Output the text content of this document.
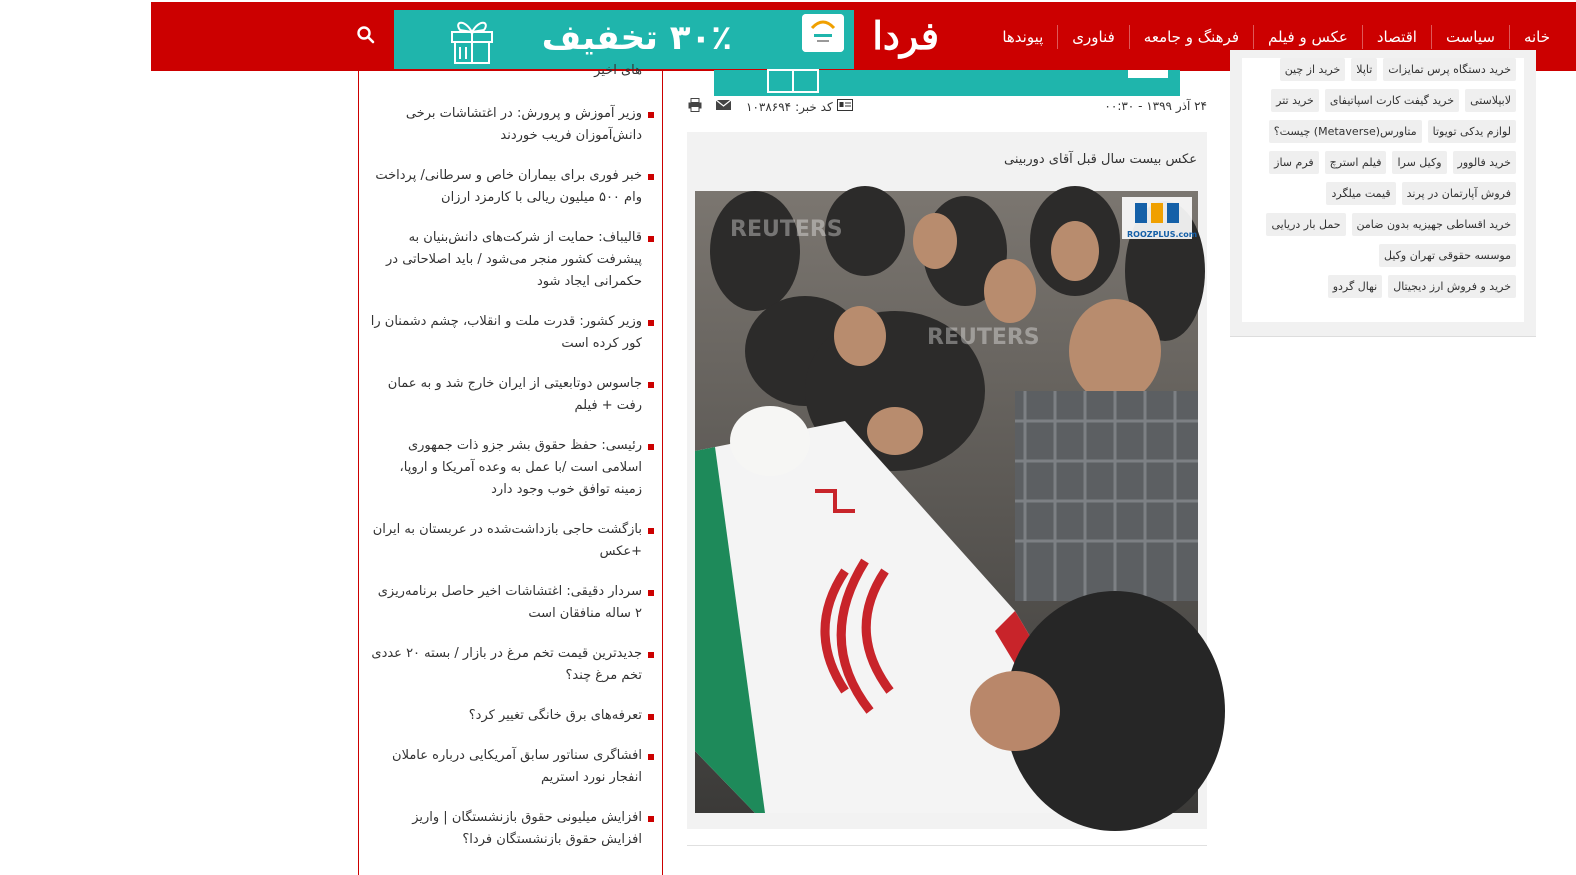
خانه
سیاست
اقتصاد
عکس و فیلم
فرهنگ و جامعه
فناوری
پیوندها
فردا
۳۰٪ تخفیف
های اخیر
وزیر آموزش و پرورش: در اغتشاشات برخی دانش‌آموزان فریب خوردند
خبر فوری برای بیماران خاص و سرطانی/ پرداخت وام ۵۰۰ میلیون ریالی با کارمزد ارزان
قالیباف: حمایت از شرکت‌های دانش‌بنیان به پیشرفت کشور منجر می‌شود / باید اصلاحاتی در حکمرانی ایجاد شود
وزیر کشور: قدرت ملت و انقلاب، چشم دشمنان را کور کرده است
جاسوس دوتابعیتی از ایران خارج شد و به عمان رفت + فیلم
رئیسی: حفظ حقوق بشر جزو ذات جمهوری اسلامی است /با عمل به وعده آمریکا و اروپا، زمینه توافق خوب وجود دارد
بازگشت حاجی بازداشت‌شده در عربستان به ایران +عکس
سردار دقیقی: اغتشاشات اخیر حاصل برنامه‌ریزی ۲ ساله منافقان است
جدیدترین قیمت تخم مرغ در بازار / بسته ۲۰ عددی تخم مرغ چند؟
تعرفه‌های برق خانگی تغییر کرد؟
افشاگری سناتور سابق آمریکایی درباره عاملان انفجار نورد استریم
افزایش میلیونی حقوق بازنشستگان | واریز افزایش حقوق بازنشستگان فردا؟
۲۴ آذر ۱۳۹۹ - ۰۰:۳۰
کد خبر:
۱۰۳۸۶۹۴
عکس بیست سال قبل آقای دوربینی
REUTERS
REUTERS
ROOZPLUS.com
خرید دستگاه پرس تمایزات
تاپلا
خرید از چین
لابپلاستی
خرید گیفت کارت اسپاتیفای
خرید تتر
لوازم یدکی تویوتا
متاورس(Metaverse) چیست؟
خرید فالوور
وکیل سرا
فیلم استرچ
فرم ساز
فروش آپارتمان در پرند
قیمت میلگرد
خرید اقساطی جهیزیه بدون ضامن
حمل بار دریایی
موسسه حقوقی تهران وکیل
خرید و فروش ارز دیجیتال
نهال گردو
